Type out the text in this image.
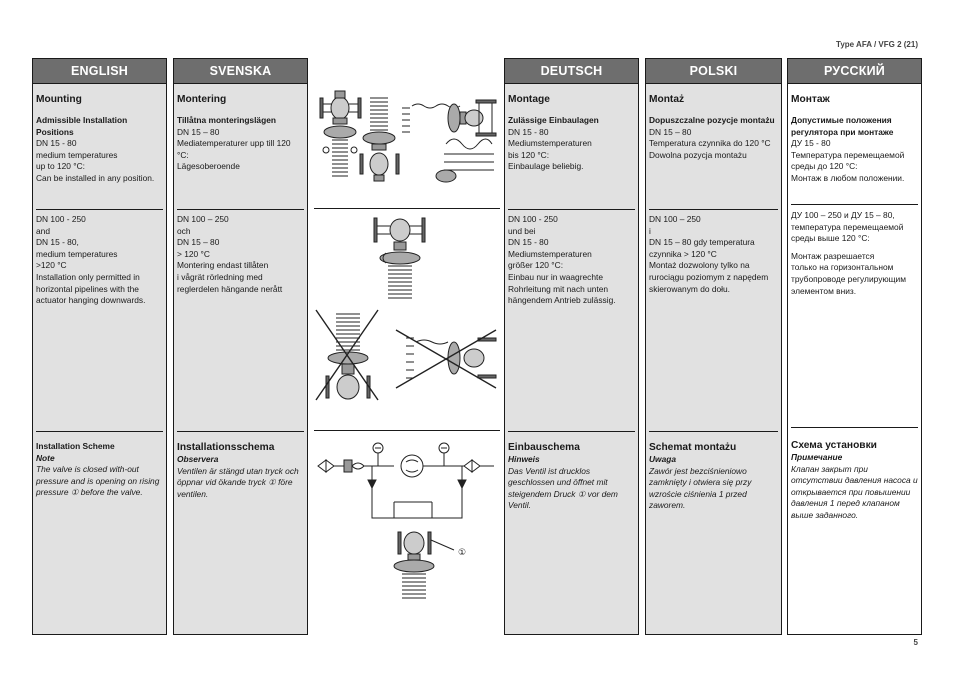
Type AFA / VFG 2 (21)
5
ENGLISH
Mounting
Admissible Installation Positions
DN 15 - 80
medium temperatures
up to 120 °C:
Can be installed in any position.
DN 100 - 250
and
DN 15 - 80,
medium temperatures
>120 °C
Installation only permitted in horizontal pipelines with the actuator hanging downwards.
Installation Scheme
Note
The valve is closed with-out pressure and is opening on rising pressure ① before the valve.
SVENSKA
Montering
Tillåtna monteringslägen
DN 15 – 80
Mediatemperaturer upp till 120 °C:
Lägesoberoende
DN 100 – 250
och
DN 15 – 80
> 120 °C
Montering endast tillåten
i vågrät rörledning med reglerdelen hängande nerått
Installationsschema
Observera
Ventilen är stängd utan tryck och öppnar vid ökande tryck ① före ventilen.
①
DEUTSCH
Montage
Zulässige Einbaulagen
DN 15 - 80
Mediumstemperaturen
bis 120 °C:
Einbaulage beliebig.
DN 100 - 250
und bei
DN 15 - 80
Mediumstemperaturen
größer 120 °C:
Einbau nur in waagrechte Rohrleitung mit nach unten hängendem Antrieb zulässig.
Einbauschema
Hinweis
Das Ventil ist drucklos geschlossen und öffnet mit steigendem Druck ① vor dem Ventil.
POLSKI
Montaż
Dopuszczalne pozycje montażu
DN 15 – 80
Temperatura czynnika do 120 °C
Dowolna pozycja montażu
DN 100 – 250
i
DN 15 – 80 gdy temperatura czynnika > 120 °C
Montaż dozwolony tylko na rurociągu poziomym z napędem skierowanym do dołu.
Schemat montażu
Uwaga
Zawór jest bezciśnieniowo zamknięty i otwiera się przy wzroście ciśnienia 1 przed zaworem.
РУССКИЙ
Монтаж
Допустимые положения регулятора при монтаже
ДУ 15 - 80
Температура перемещаемой среды до 120 °C:
Монтаж в любом положении.
ДУ 100 – 250 и ДУ 15 – 80, температура перемещаемой среды выше 120 °C:
Монтаж разрешается
только на горизонтальном трубопроводе регулирующим элементом вниз.
Схема установки
Примечание
Клапан закрыт при отсутствии давления насоса и открывается при повышении давления 1 перед клапаном выше заданного.
